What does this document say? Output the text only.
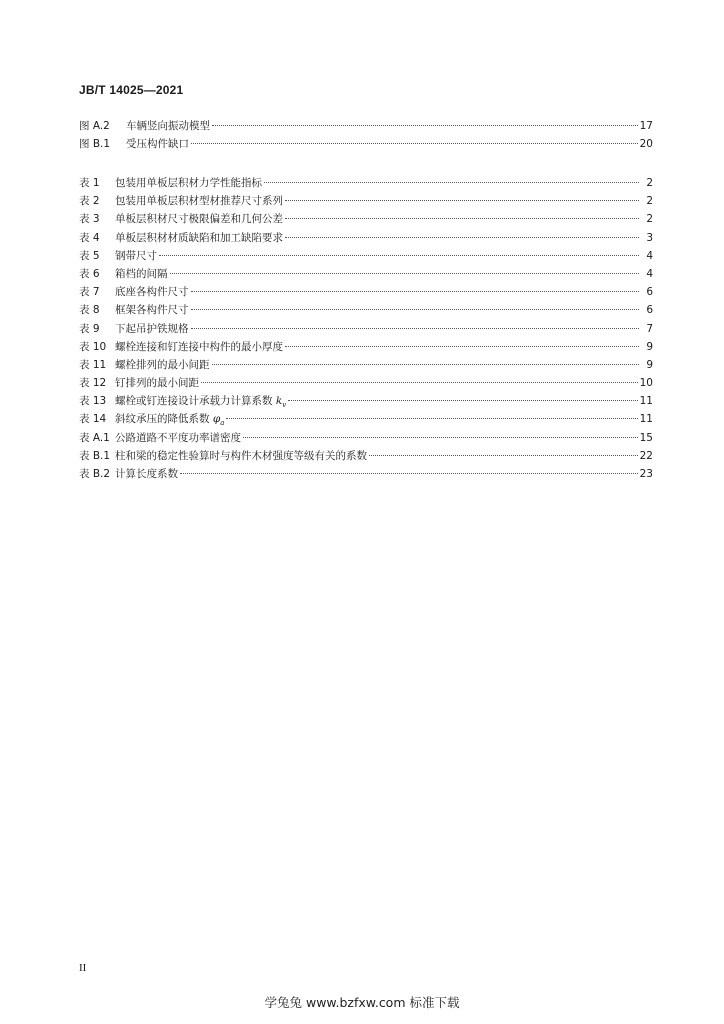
JB/T 14025—2021
图 A.2	车辆竖向振动模型	17
图 B.1	受压构件缺口	20
表 1	包装用单板层积材力学性能指标	2
表 2	包装用单板层积材型材推荐尺寸系列	2
表 3	单板层积材尺寸极限偏差和几何公差	2
表 4	单板层积材材质缺陷和加工缺陷要求	3
表 5	钢带尺寸	4
表 6	箱档的间隔	4
表 7	底座各构件尺寸	6
表 8	框架各构件尺寸	6
表 9	下起吊护铁规格	7
表 10 螺栓连接和钉连接中构件的最小厚度	9
表 11 螺栓排列的最小间距	9
表 12 钉排列的最小间距	10
表 13 螺栓或钉连接设计承载力计算系数 $k_v$	11
表 14 斜纹承压的降低系数 $\varphi_a$	11
表 A.1 公路道路不平度功率谱密度	15
表 B.1 柱和梁的稳定性验算时与构件木材强度等级有关的系数	22
表 B.2 计算长度系数	23
II
学兔兔 www.bzfxw.com 标准下载
